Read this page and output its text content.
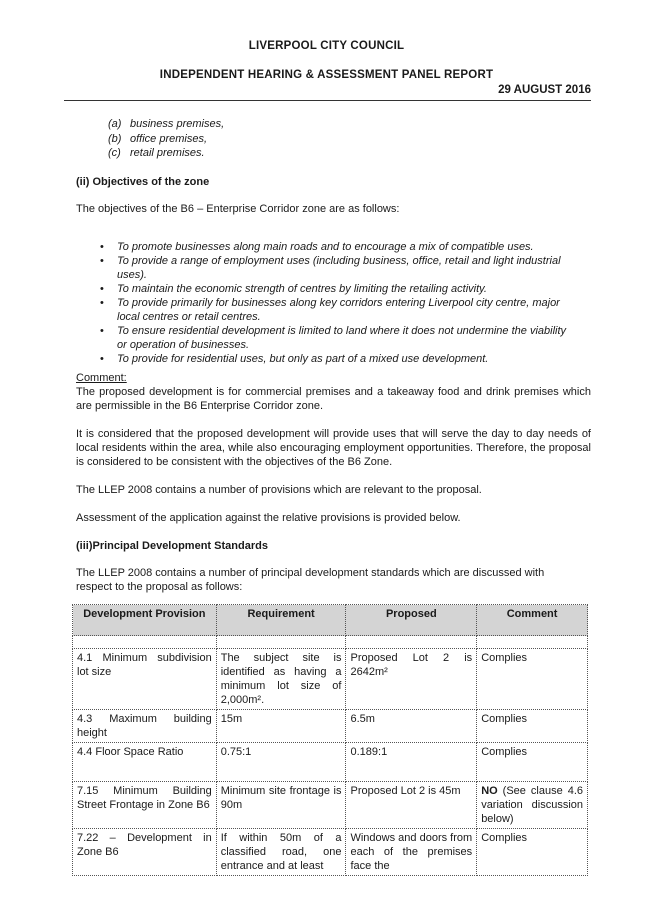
LIVERPOOL CITY COUNCIL
INDEPENDENT HEARING & ASSESSMENT PANEL REPORT
29 AUGUST 2016
(a) business premises,
(b) office premises,
(c) retail premises.
(ii) Objectives of the zone
The objectives of the B6 – Enterprise Corridor zone are as follows:
• To promote businesses along main roads and to encourage a mix of compatible uses.
• To provide a range of employment uses (including business, office, retail and light industrial uses).
• To maintain the economic strength of centres by limiting the retailing activity.
• To provide primarily for businesses along key corridors entering Liverpool city centre, major local centres or retail centres.
• To ensure residential development is limited to land where it does not undermine the viability or operation of businesses.
• To provide for residential uses, but only as part of a mixed use development.
Comment:
The proposed development is for commercial premises and a takeaway food and drink premises which are permissible in the B6 Enterprise Corridor zone.
It is considered that the proposed development will provide uses that will serve the day to day needs of local residents within the area, while also encouraging employment opportunities. Therefore, the proposal is considered to be consistent with the objectives of the B6 Zone.
The LLEP 2008 contains a number of provisions which are relevant to the proposal.
Assessment of the application against the relative provisions is provided below.
(iii)Principal Development Standards
The LLEP 2008 contains a number of principal development standards which are discussed with respect to the proposal as follows:
Development Provision	Requirement	Proposed	Comment

4.1 Minimum subdivision lot size	The subject site is identified as having a minimum lot size of 2,000m².	Proposed Lot 2 is 2642m²	Complies
4.3 Maximum building height	15m	6.5m	Complies
4.4 Floor Space Ratio	0.75:1	0.189:1	Complies
7.15 Minimum Building Street Frontage in Zone B6	Minimum site frontage is 90m	Proposed Lot 2 is 45m	NO (See clause 4.6 variation discussion below)
7.22 – Development in Zone B6	If within 50m of a classified road, one entrance and at least	Windows and doors from each of the premises face the	Complies
